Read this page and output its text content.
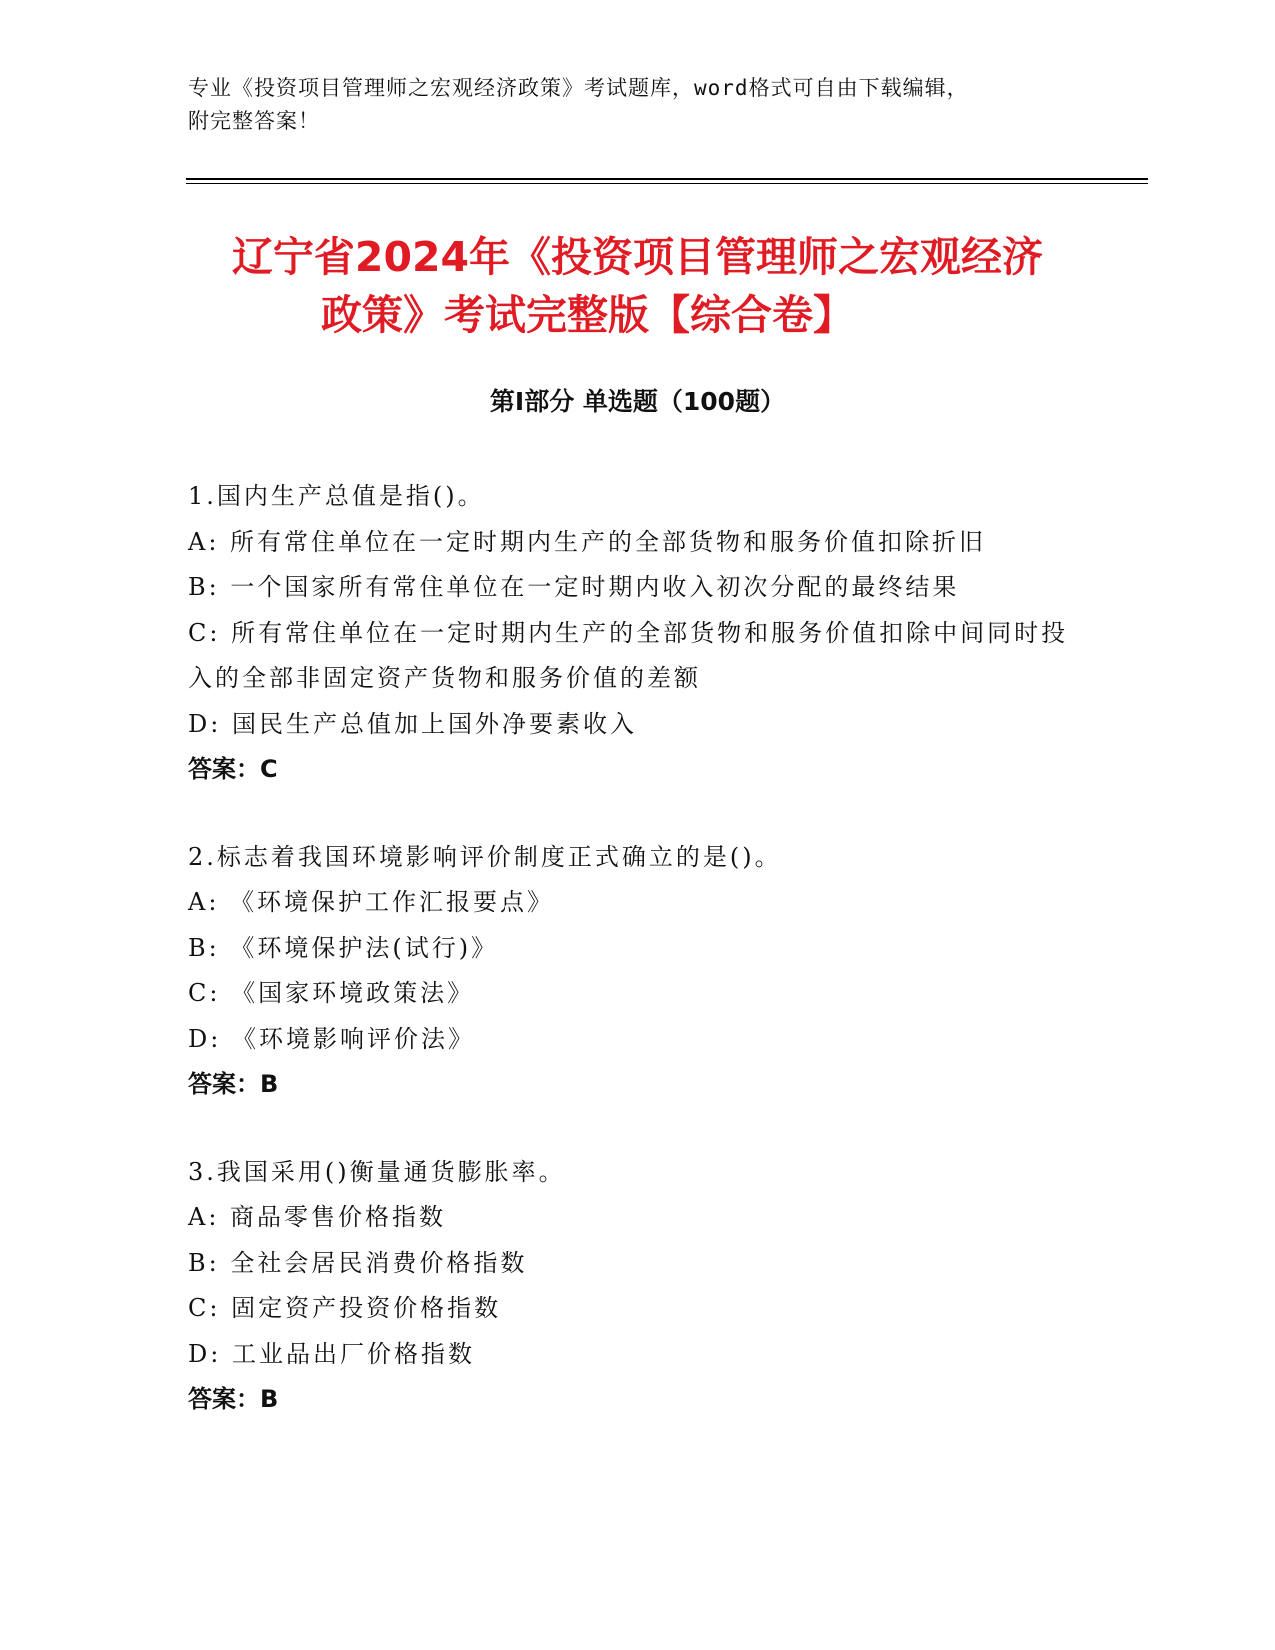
专业《投资项目管理师之宏观经济政策》考试题库，word格式可自由下载编辑，
附完整答案！
辽宁省2024年《投资项目管理师之宏观经济
政策》考试完整版【综合卷】
第Ⅰ部分 单选题（100题）
1.国内生产总值是指()。
A: 所有常住单位在一定时期内生产的全部货物和服务价值扣除折旧
B: 一个国家所有常住单位在一定时期内收入初次分配的最终结果
C: 所有常住单位在一定时期内生产的全部货物和服务价值扣除中间同时投入的全部非固定资产货物和服务价值的差额
D: 国民生产总值加上国外净要素收入
答案：C
2.标志着我国环境影响评价制度正式确立的是()。
A: 《环境保护工作汇报要点》
B: 《环境保护法(试行)》
C: 《国家环境政策法》
D: 《环境影响评价法》
答案：B
3.我国采用()衡量通货膨胀率。
A: 商品零售价格指数
B: 全社会居民消费价格指数
C: 固定资产投资价格指数
D: 工业品出厂价格指数
答案：B
